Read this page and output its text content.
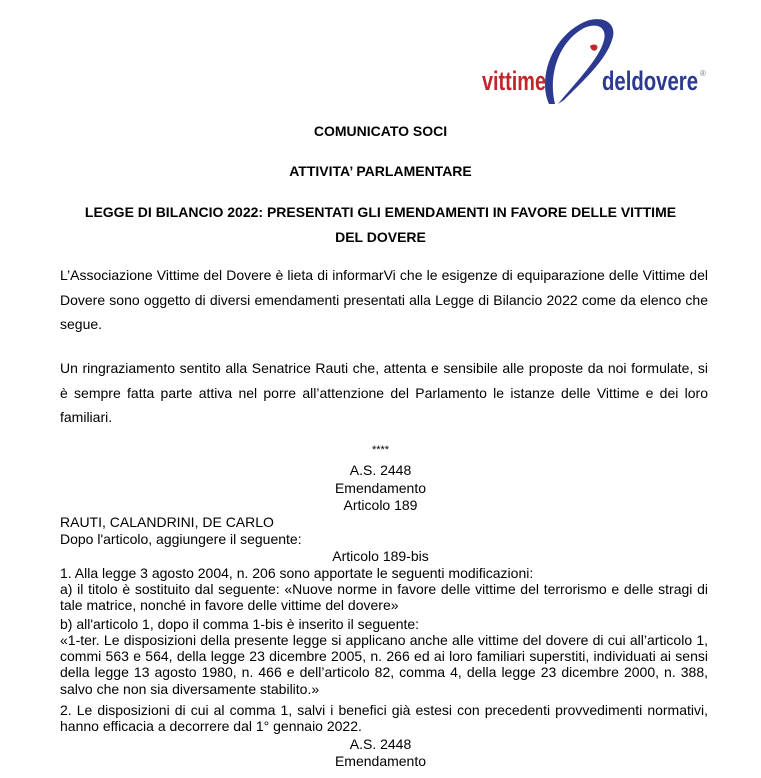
vittime deldovere ®
COMUNICATO SOCI
ATTIVITA’ PARLAMENTARE
LEGGE DI BILANCIO 2022: PRESENTATI GLI EMENDAMENTI IN FAVORE DELLE VITTIME
DEL DOVERE
L’Associazione Vittime del Dovere è lieta di informarVi che le esigenze di equiparazione delle Vittime del Dovere sono oggetto di diversi emendamenti presentati alla Legge di Bilancio 2022 come da elenco che segue.
Un ringraziamento sentito alla Senatrice Rauti che, attenta e sensibile alle proposte da noi formulate, si è sempre fatta parte attiva nel porre all’attenzione del Parlamento le istanze delle Vittime e dei loro familiari.
****
A.S. 2448
Emendamento
Articolo 189
RAUTI, CALANDRINI, DE CARLO
Dopo l'articolo, aggiungere il seguente:
Articolo 189-bis
1. Alla legge 3 agosto 2004, n. 206 sono apportate le seguenti modificazioni:
a) il titolo è sostituito dal seguente: «Nuove norme in favore delle vittime del terrorismo e delle stragi di tale matrice, nonché in favore delle vittime del dovere»
b) all'articolo 1, dopo il comma 1-bis è inserito il seguente:
«1-ter. Le disposizioni della presente legge si applicano anche alle vittime del dovere di cui all’articolo 1, commi 563 e 564, della legge 23 dicembre 2005, n. 266 ed ai loro familiari superstiti, individuati ai sensi della legge 13 agosto 1980, n. 466 e dell’articolo 82, comma 4, della legge 23 dicembre 2000, n. 388, salvo che non sia diversamente stabilito.»
2. Le disposizioni di cui al comma 1, salvi i benefici già estesi con precedenti provvedimenti normativi, hanno efficacia a decorrere dal 1° gennaio 2022.
A.S. 2448
Emendamento
